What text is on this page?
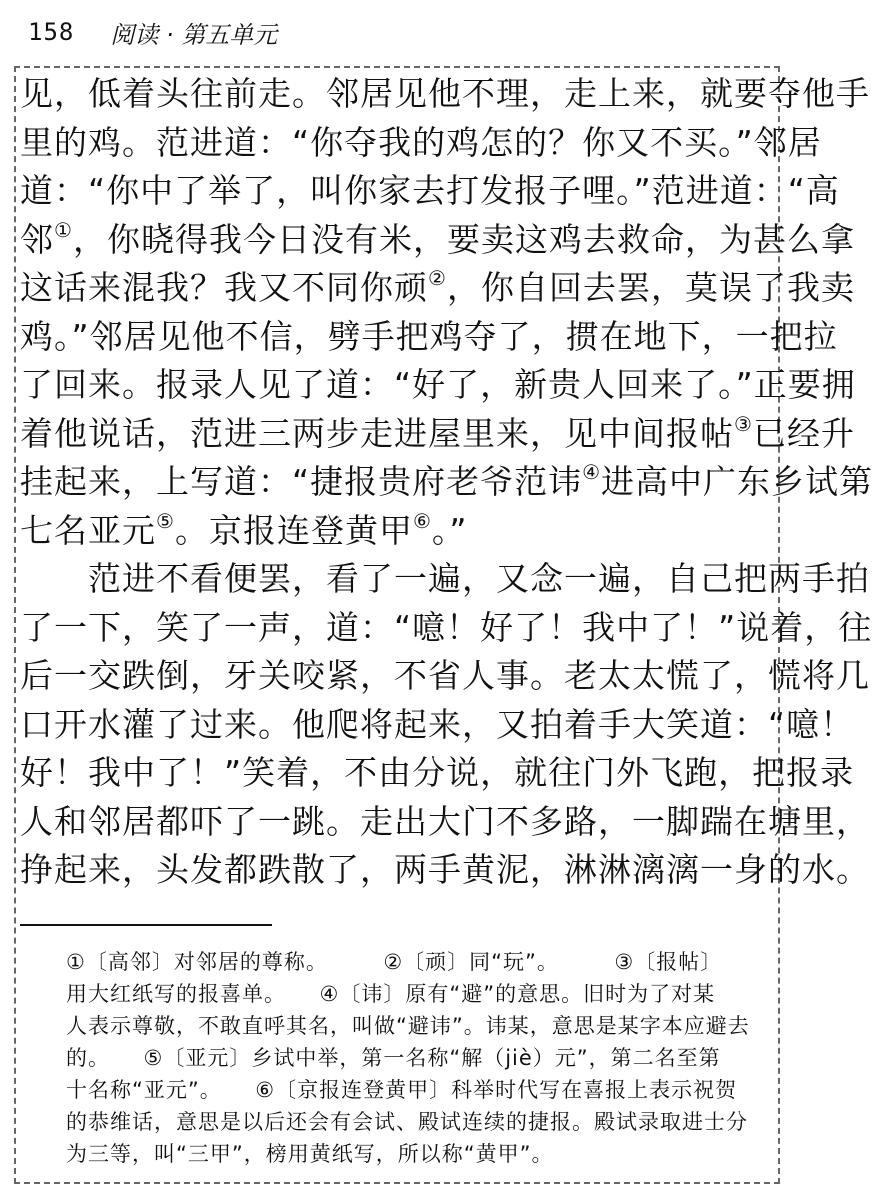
158 阅读 · 第五单元
见，低着头往前走。邻居见他不理，走上来，就要夺他手
里的鸡。范进道：“你夺我的鸡怎的？你又不买。”邻居
道：“你中了举了，叫你家去打发报子哩。”范进道：“高
邻①，你晓得我今日没有米，要卖这鸡去救命，为甚么拿
这话来混我？我又不同你顽②，你自回去罢，莫误了我卖
鸡。”邻居见他不信，劈手把鸡夺了，掼在地下，一把拉
了回来。报录人见了道：“好了，新贵人回来了。”正要拥
着他说话，范进三两步走进屋里来，见中间报帖③已经升
挂起来，上写道：“捷报贵府老爷范讳④进高中广东乡试第
七名亚元⑤。京报连登黄甲⑥。”
　　范进不看便罢，看了一遍，又念一遍，自己把两手拍
了一下，笑了一声，道：“噫！好了！我中了！”说着，往
后一交跌倒，牙关咬紧，不省人事。老太太慌了，慌将几
口开水灌了过来。他爬将起来，又拍着手大笑道：“噫！
好！我中了！”笑着，不由分说，就往门外飞跑，把报录
人和邻居都吓了一跳。走出大门不多路，一脚踹在塘里，
挣起来，头发都跌散了，两手黄泥，淋淋漓漓一身的水。
①〔高邻〕对邻居的尊称。　　　②〔顽〕同“玩”。　　　③〔报帖〕
用大红纸写的报喜单。　　④〔讳〕原有“避”的意思。旧时为了对某
人表示尊敬，不敢直呼其名，叫做“避讳”。讳某，意思是某字本应避去
的。　　⑤〔亚元〕乡试中举，第一名称“解（jiè）元”，第二名至第
十名称“亚元”。　　⑥〔京报连登黄甲〕科举时代写在喜报上表示祝贺
的恭维话，意思是以后还会有会试、殿试连续的捷报。殿试录取进士分
为三等，叫“三甲”，榜用黄纸写，所以称“黄甲”。
